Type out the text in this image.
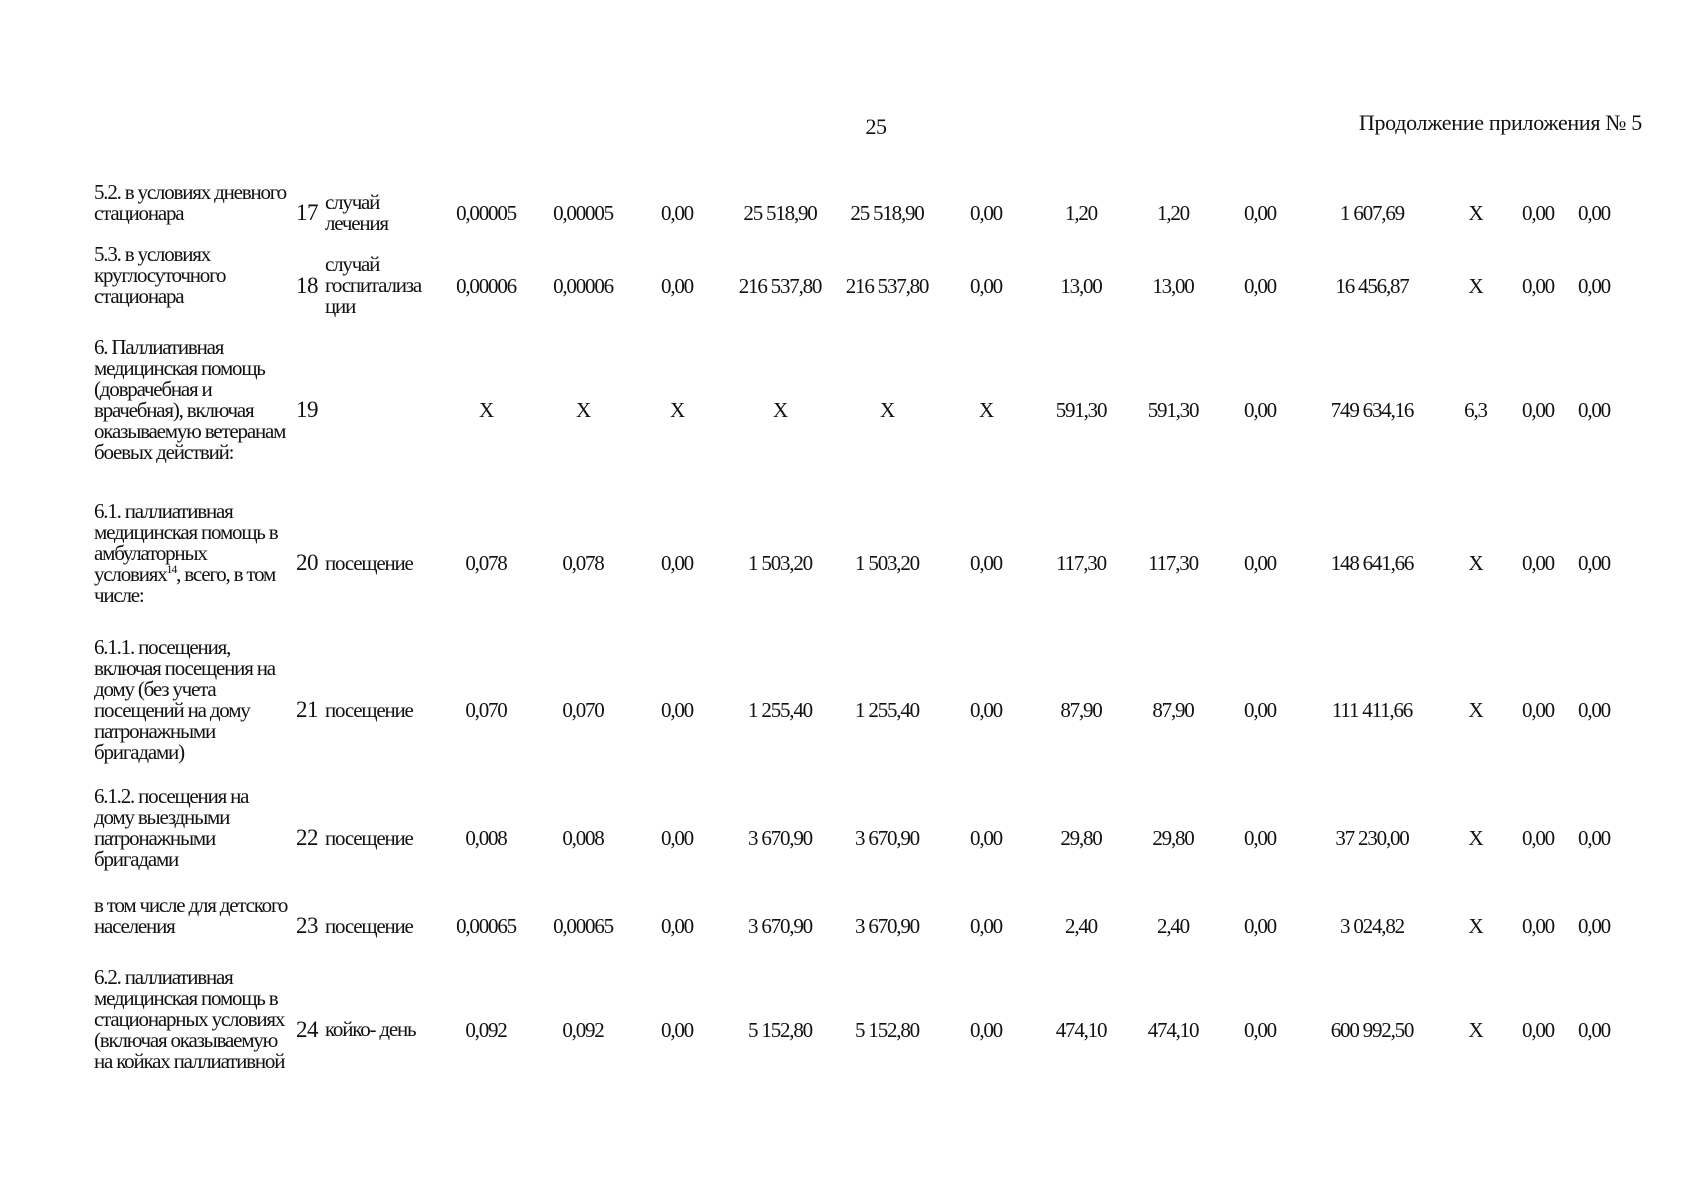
25	Продолжение приложения № 5
5.2. в условиях дневного стационара	17	случай лечения	0,00005	0,00005	0,00	25 518,90	25 518,90	0,00	1,20	1,20	0,00	1 607,69	X	0,00	0,00
5.3. в условиях круглосуточного стационара	18	случай госпитализа ции	0,00006	0,00006	0,00	216 537,80	216 537,80	0,00	13,00	13,00	0,00	16 456,87	X	0,00	0,00
6. Паллиативная медицинская помощь (доврачебная и врачебная), включая оказываемую ветеранам боевых действий:	19		X	X	X	X	X	X	591,30	591,30	0,00	749 634,16	6,3	0,00	0,00
6.1. паллиативная медицинская помощь в амбулаторных условиях$^{14}$, всего, в том числе:	20	посещение	0,078	0,078	0,00	1 503,20	1 503,20	0,00	117,30	117,30	0,00	148 641,66	X	0,00	0,00
6.1.1. посещения, включая посещения на дому (без учета посещений на дому патронажными бригадами)	21	посещение	0,070	0,070	0,00	1 255,40	1 255,40	0,00	87,90	87,90	0,00	111 411,66	X	0,00	0,00
6.1.2. посещения на дому выездными патронажными бригадами	22	посещение	0,008	0,008	0,00	3 670,90	3 670,90	0,00	29,80	29,80	0,00	37 230,00	X	0,00	0,00
в том числе для детского населения	23	посещение	0,00065	0,00065	0,00	3 670,90	3 670,90	0,00	2,40	2,40	0,00	3 024,82	X	0,00	0,00
6.2. паллиативная медицинская помощь в стационарных условиях (включая оказываемую на койках паллиативной	24	койко- день	0,092	0,092	0,00	5 152,80	5 152,80	0,00	474,10	474,10	0,00	600 992,50	X	0,00	0,00
